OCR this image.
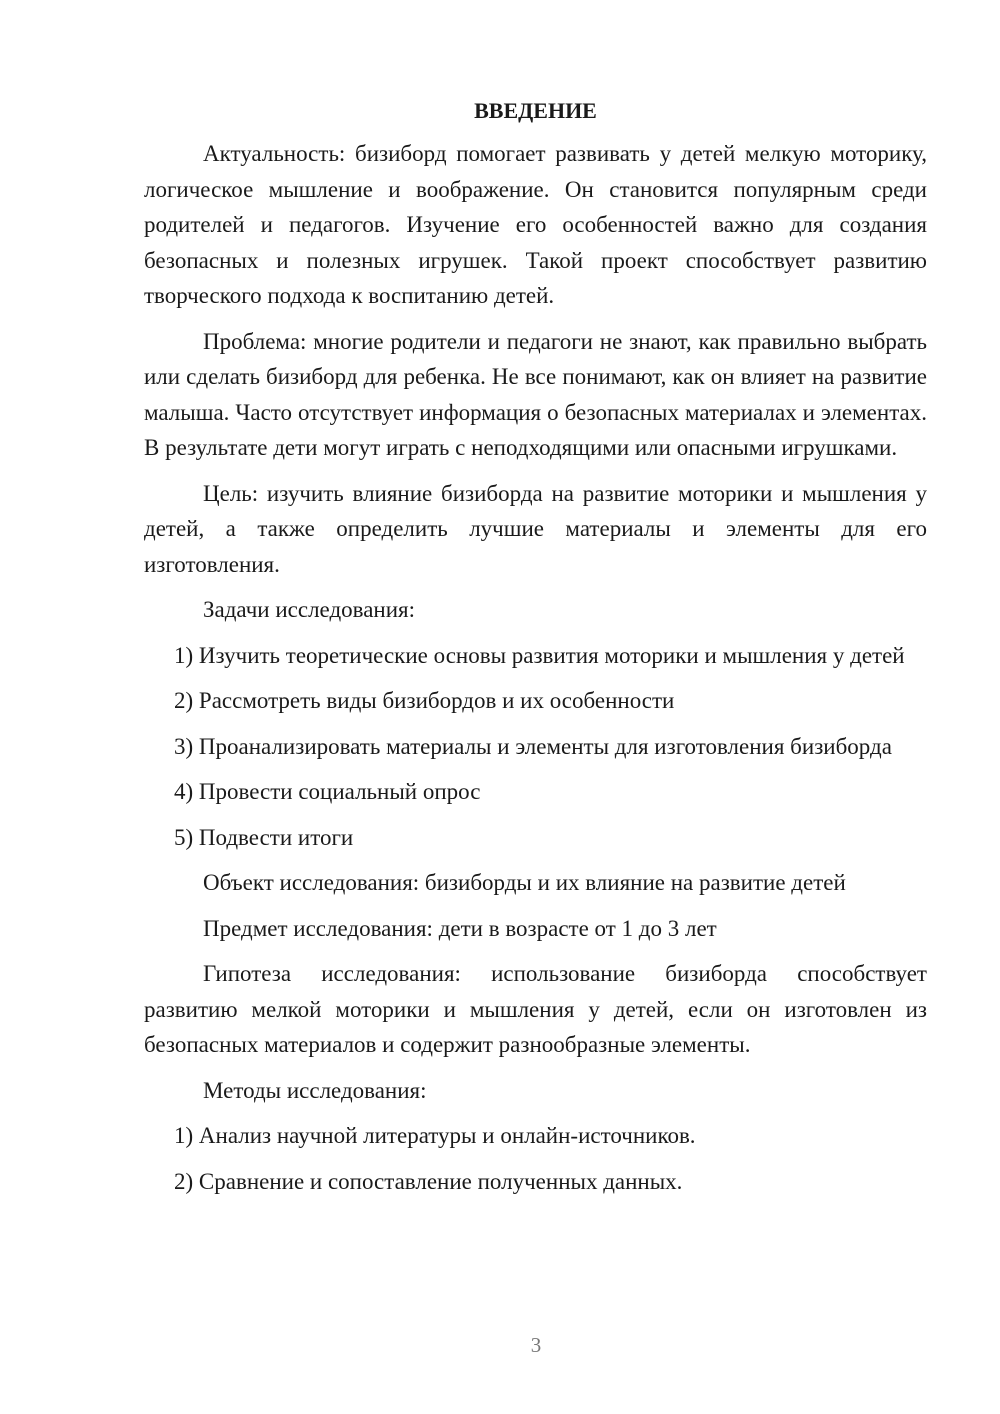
ВВЕДЕНИЕ

Актуальность: бизиборд помогает развивать у детей мелкую моторику, логическое мышление и воображение. Он становится популярным среди родителей и педагогов. Изучение его особенностей важно для создания безопасных и полезных игрушек. Такой проект способствует развитию творческого подхода к воспитанию детей.

Проблема: многие родители и педагоги не знают, как правильно выбрать или сделать бизиборд для ребенка. Не все понимают, как он влияет на развитие малыша. Часто отсутствует информация о безопасных материалах и элементах. В результате дети могут играть с неподходящими или опасными игрушками.

Цель: изучить влияние бизиборда на развитие моторики и мышления у детей, а также определить лучшие материалы и элементы для его изготовления.

Задачи исследования:

1) Изучить теоретические основы развития моторики и мышления у детей

2) Рассмотреть виды бизибордов и их особенности

3) Проанализировать материалы и элементы для изготовления бизиборда

4) Провести социальный опрос

5) Подвести итоги

Объект исследования: бизиборды и их влияние на развитие детей

Предмет исследования: дети в возрасте от 1 до 3 лет

Гипотеза исследования: использование бизиборда способствует развитию мелкой моторики и мышления у детей, если он изготовлен из безопасных материалов и содержит разнообразные элементы.

Методы исследования:

1) Анализ научной литературы и онлайн-источников.

2) Сравнение и сопоставление полученных данных.

3
